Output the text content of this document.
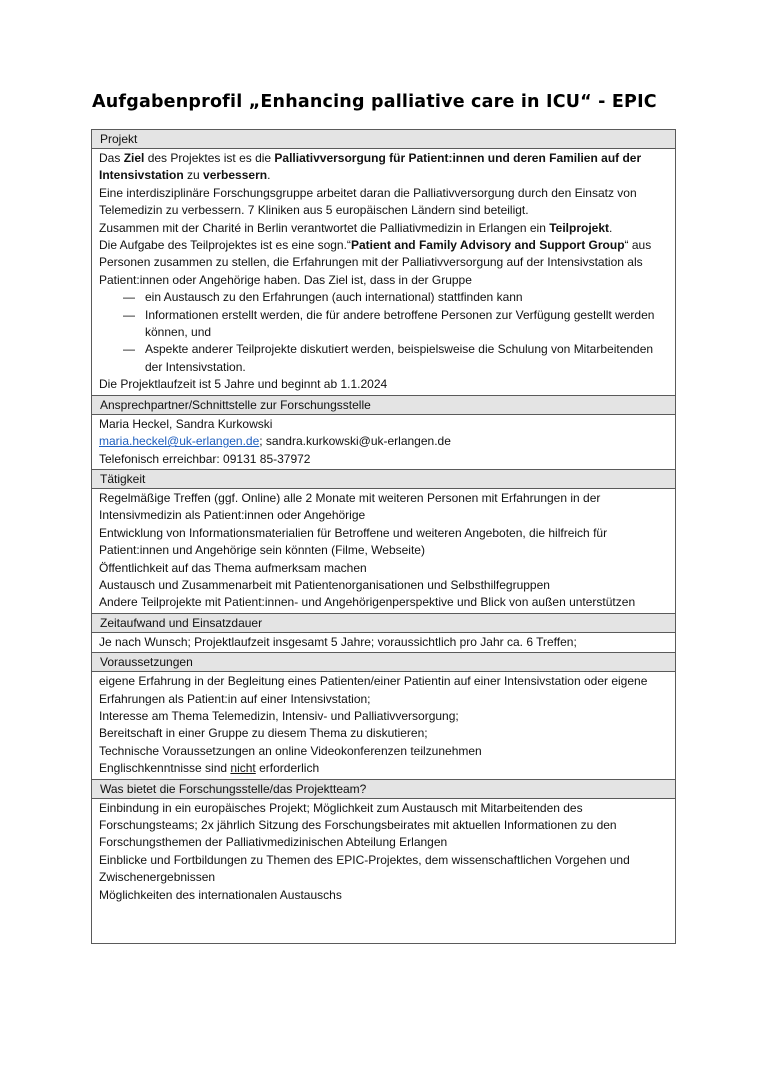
Aufgabenprofil „Enhancing palliative care in ICU“ - EPIC
Projekt

Das Ziel des Projektes ist es die Palliativversorgung für Patient:innen und deren Familien auf der Intensivstation zu verbessern.

Eine interdisziplinäre Forschungsgruppe arbeitet daran die Palliativversorgung durch den Einsatz von Telemedizin zu verbessern. 7 Kliniken aus 5 europäischen Ländern sind beteiligt.

Zusammen mit der Charité in Berlin verantwortet die Palliativmedizin in Erlangen ein Teilprojekt.

Die Aufgabe des Teilprojektes ist es eine sogn.“Patient and Family Advisory and Support Group“ aus Personen zusammen zu stellen, die Erfahrungen mit der Palliativversorgung auf der Intensivstation als Patient:innen oder Angehörige haben. Das Ziel ist, dass in der Gruppe

— ein Austausch zu den Erfahrungen (auch international) stattfinden kann
— Informationen erstellt werden, die für andere betroffene Personen zur Verfügung gestellt werden können, und
— Aspekte anderer Teilprojekte diskutiert werden, beispielsweise die Schulung von Mitarbeitenden der Intensivstation.

Die Projektlaufzeit ist 5 Jahre und beginnt ab 1.1.2024

Ansprechpartner/Schnittstelle zur Forschungsstelle

Maria Heckel, Sandra Kurkowski

maria.heckel@uk-erlangen.de; sandra.kurkowski@uk-erlangen.de

Telefonisch erreichbar: 09131 85-37972

Tätigkeit

Regelmäßige Treffen (ggf. Online) alle 2 Monate mit weiteren Personen mit Erfahrungen in der Intensivmedizin als Patient:innen oder Angehörige

Entwicklung von Informationsmaterialien für Betroffene und weiteren Angeboten, die hilfreich für Patient:innen und Angehörige sein könnten (Filme, Webseite)

Öffentlichkeit auf das Thema aufmerksam machen

Austausch und Zusammenarbeit mit Patientenorganisationen und Selbsthilfegruppen

Andere Teilprojekte mit Patient:innen- und Angehörigenperspektive und Blick von außen unterstützen

Zeitaufwand und Einsatzdauer

Je nach Wunsch; Projektlaufzeit insgesamt 5 Jahre; voraussichtlich pro Jahr ca. 6 Treffen;

Voraussetzungen

eigene Erfahrung in der Begleitung eines Patienten/einer Patientin auf einer Intensivstation oder eigene Erfahrungen als Patient:in auf einer Intensivstation;

Interesse am Thema Telemedizin, Intensiv- und Palliativversorgung;

Bereitschaft in einer Gruppe zu diesem Thema zu diskutieren;

Technische Voraussetzungen an online Videokonferenzen teilzunehmen

Englischkenntnisse sind nicht erforderlich

Was bietet die Forschungsstelle/das Projektteam?

Einbindung in ein europäisches Projekt; Möglichkeit zum Austausch mit Mitarbeitenden des Forschungsteams; 2x jährlich Sitzung des Forschungsbeirates mit aktuellen Informationen zu den Forschungsthemen der Palliativmedizinischen Abteilung Erlangen

Einblicke und Fortbildungen zu Themen des EPIC-Projektes, dem wissenschaftlichen Vorgehen und Zwischenergebnissen

Möglichkeiten des internationalen Austauschs
